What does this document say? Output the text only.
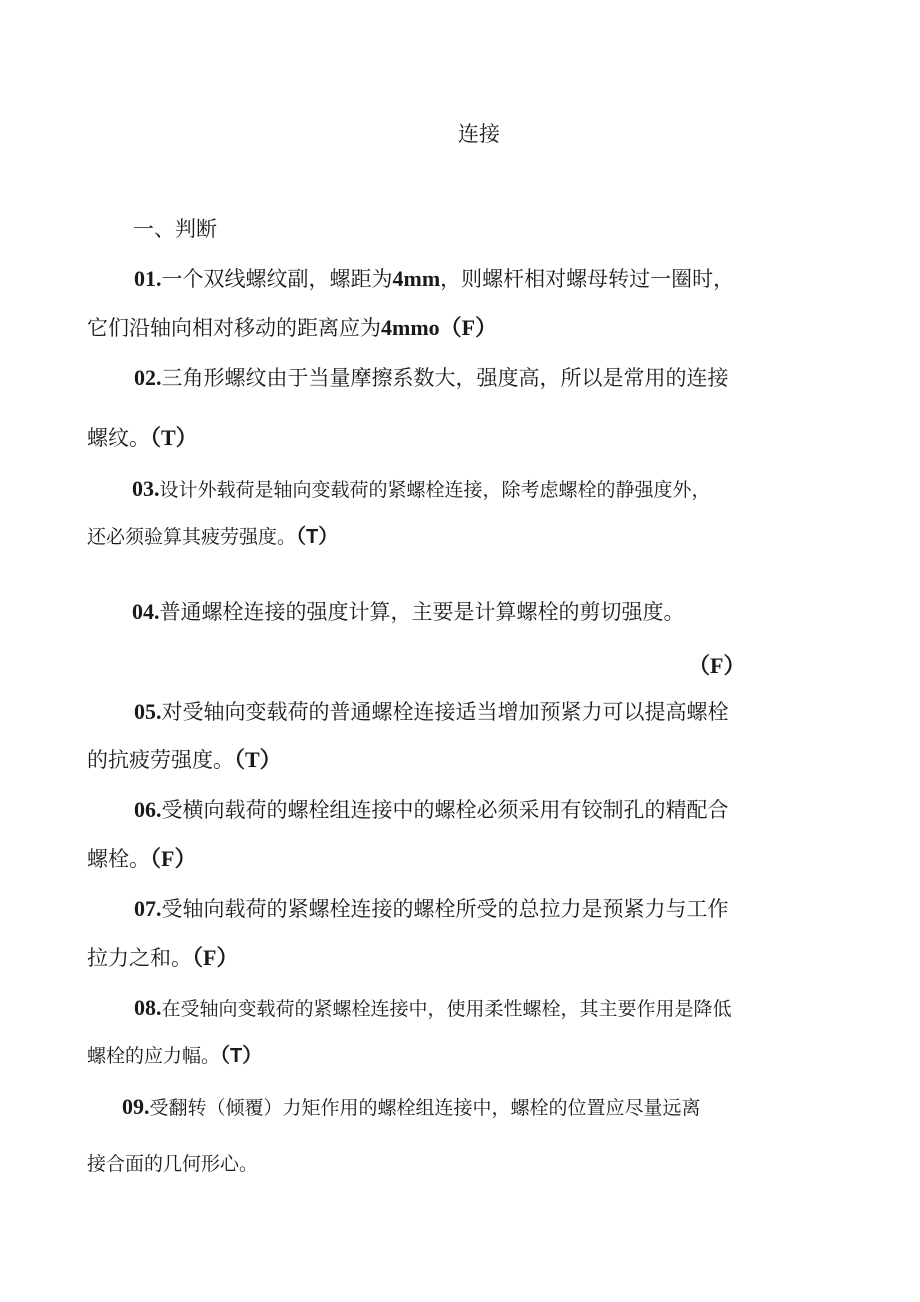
连接
一、判断
01.一个双线螺纹副，螺距为4mm，则螺杆相对螺母转过一圈时，
它们沿轴向相对移动的距离应为4mmo（F）
02.三角形螺纹由于当量摩擦系数大，强度高，所以是常用的连接
螺纹。（T）
03.设计外载荷是轴向变载荷的紧螺栓连接，除考虑螺栓的静强度外，
还必须验算其疲劳强度。（T）
04.普通螺栓连接的强度计算，主要是计算螺栓的剪切强度。
（F）
05.对受轴向变载荷的普通螺栓连接适当增加预紧力可以提高螺栓
的抗疲劳强度。（T）
06.受横向载荷的螺栓组连接中的螺栓必须采用有铰制孔的精配合
螺栓。（F）
07.受轴向载荷的紧螺栓连接的螺栓所受的总拉力是预紧力与工作
拉力之和。（F）
08.在受轴向变载荷的紧螺栓连接中，使用柔性螺栓，其主要作用是降低
螺栓的应力幅。（T）
09.受翻转（倾覆）力矩作用的螺栓组连接中，螺栓的位置应尽量远离
接合面的几何形心。
